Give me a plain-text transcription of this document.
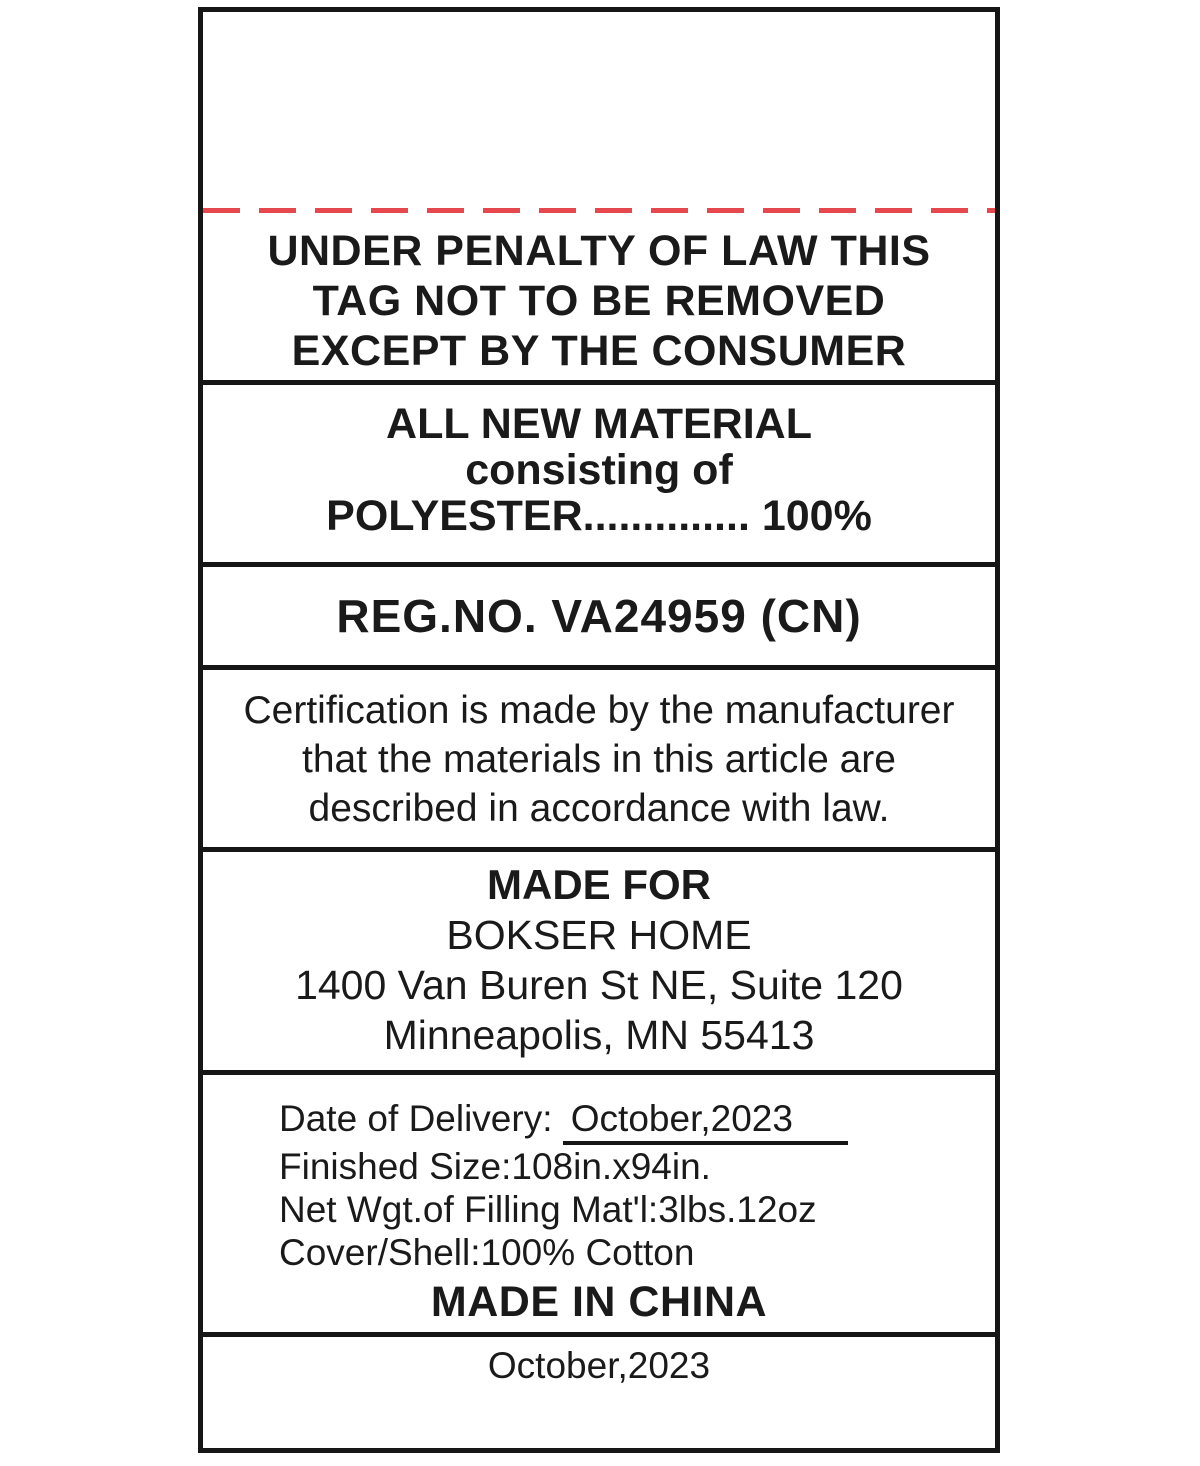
UNDER PENALTY OF LAW THIS
TAG NOT TO BE REMOVED
EXCEPT BY THE CONSUMER
ALL NEW MATERIAL
consisting of
POLYESTER.............. 100%
REG.NO. VA24959 (CN)
Certification is made by the manufacturer
that the materials in this article are
described in accordance with law.
MADE FOR
BOKSER HOME
1400 Van Buren St NE, Suite 120
Minneapolis, MN 55413
Date of Delivery: October,2023
Finished Size:108in.x94in.
Net Wgt.of Filling Mat'l:3lbs.12oz
Cover/Shell:100% Cotton
MADE IN CHINA
October,2023
